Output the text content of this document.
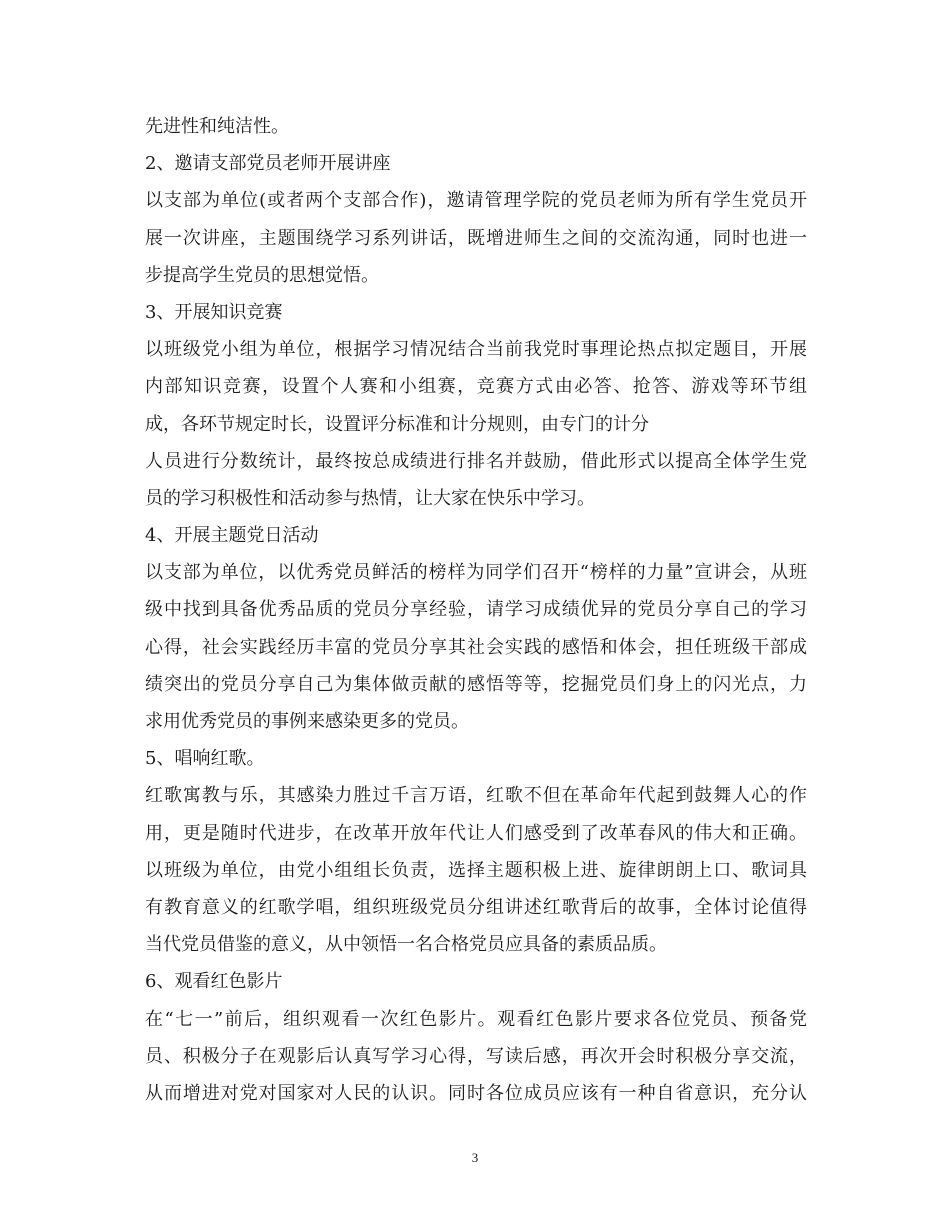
先进性和纯洁性。
2、邀请支部党员老师开展讲座
以支部为单位(或者两个支部合作)，邀请管理学院的党员老师为所有学生党员开
展一次讲座，主题围绕学习系列讲话，既增进师生之间的交流沟通，同时也进一
步提高学生党员的思想觉悟。
3、开展知识竞赛
以班级党小组为单位，根据学习情况结合当前我党时事理论热点拟定题目，开展
内部知识竞赛，设置个人赛和小组赛，竞赛方式由必答、抢答、游戏等环节组
成，各环节规定时长，设置评分标准和计分规则，由专门的计分
人员进行分数统计，最终按总成绩进行排名并鼓励，借此形式以提高全体学生党
员的学习积极性和活动参与热情，让大家在快乐中学习。
4、开展主题党日活动
以支部为单位，以优秀党员鲜活的榜样为同学们召开“榜样的力量”宣讲会，从班
级中找到具备优秀品质的党员分享经验，请学习成绩优异的党员分享自己的学习
心得，社会实践经历丰富的党员分享其社会实践的感悟和体会，担任班级干部成
绩突出的党员分享自己为集体做贡献的感悟等等，挖掘党员们身上的闪光点，力
求用优秀党员的事例来感染更多的党员。
5、唱响红歌。
红歌寓教与乐，其感染力胜过千言万语，红歌不但在革命年代起到鼓舞人心的作
用，更是随时代进步，在改革开放年代让人们感受到了改革春风的伟大和正确。
以班级为单位，由党小组组长负责，选择主题积极上进、旋律朗朗上口、歌词具
有教育意义的红歌学唱，组织班级党员分组讲述红歌背后的故事，全体讨论值得
当代党员借鉴的意义，从中领悟一名合格党员应具备的素质品质。
6、观看红色影片
在“七一”前后，组织观看一次红色影片。观看红色影片要求各位党员、预备党
员、积极分子在观影后认真写学习心得，写读后感，再次开会时积极分享交流，
从而增进对党对国家对人民的认识。同时各位成员应该有一种自省意识，充分认
3
